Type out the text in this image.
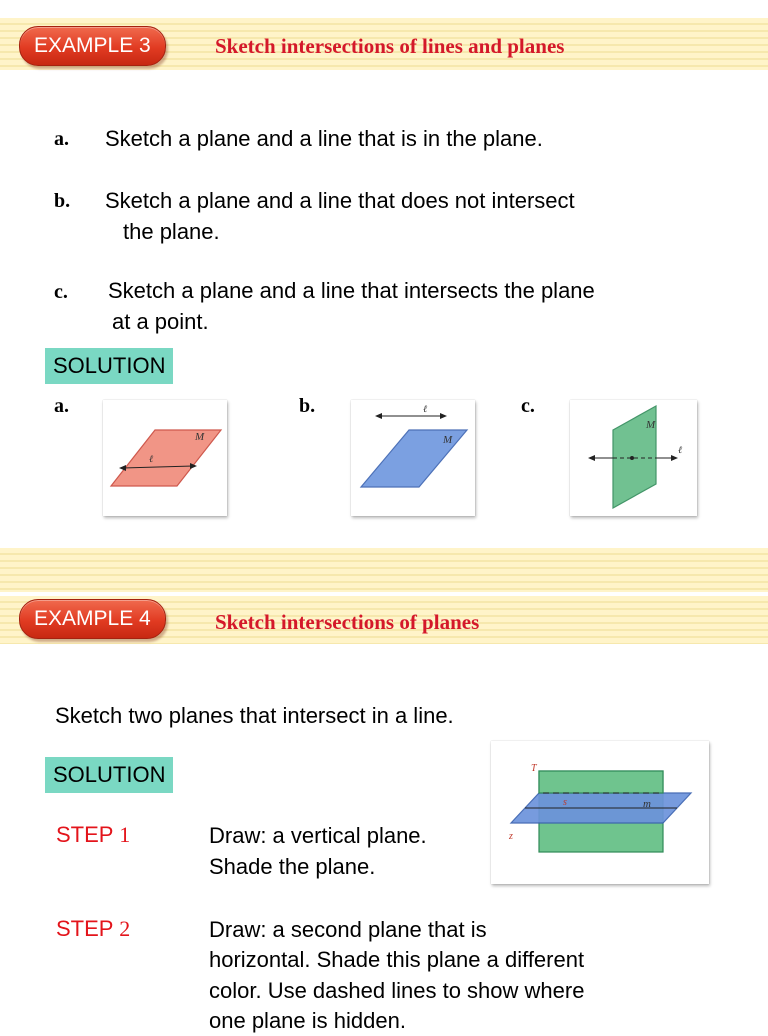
EXAMPLE 3	Sketch intersections of lines and planes
a. Sketch a plane and a line that is in the plane.
b. Sketch a plane and a line that does not intersect
the plane.
c. Sketch a plane and a line that intersects the plane
at a point.
SOLUTION
a.	b.	c.
M
ℓ
ℓ
M
M
ℓ
EXAMPLE 4	Sketch intersections of planes
Sketch two planes that intersect in a line.
SOLUTION	T
m
s
z
STEP 1	Draw: a vertical plane.
Shade the plane.
STEP 2	Draw: a second plane that is
horizontal. Shade this plane a different
color. Use dashed lines to show where
one plane is hidden.
